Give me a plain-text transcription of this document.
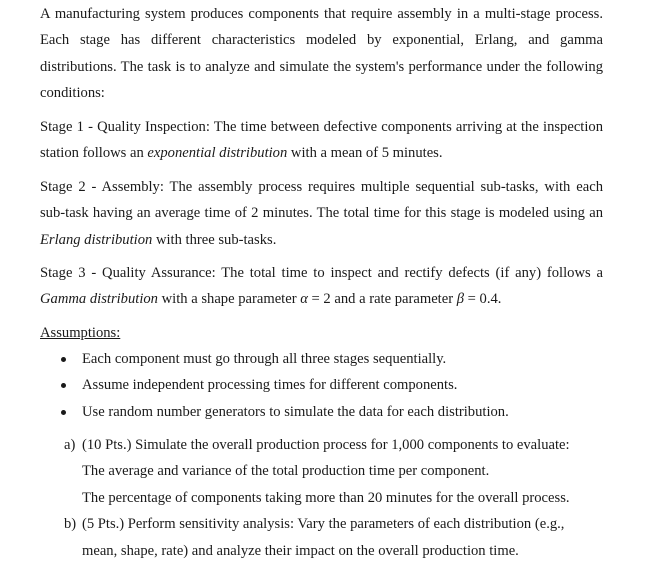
A manufacturing system produces components that require assembly in a multi-stage process. Each stage has different characteristics modeled by exponential, Erlang, and gamma distributions. The task is to analyze and simulate the system's performance under the following conditions:

Stage 1 - Quality Inspection: The time between defective components arriving at the inspection station follows an exponential distribution with a mean of 5 minutes.

Stage 2 - Assembly: The assembly process requires multiple sequential sub-tasks, with each sub-task having an average time of 2 minutes. The total time for this stage is modeled using an Erlang distribution with three sub-tasks.

Stage 3 - Quality Assurance: The total time to inspect and rectify defects (if any) follows a Gamma distribution with a shape parameter α = 2 and a rate parameter β = 0.4.

Assumptions:
Each component must go through all three stages sequentially.
Assume independent processing times for different components.
Use random number generators to simulate the data for each distribution.
a) (10 Pts.) Simulate the overall production process for 1,000 components to evaluate:
The average and variance of the total production time per component.
The percentage of components taking more than 20 minutes for the overall process.
b) (5 Pts.) Perform sensitivity analysis: Vary the parameters of each distribution (e.g.,
mean, shape, rate) and analyze their impact on the overall production time.
